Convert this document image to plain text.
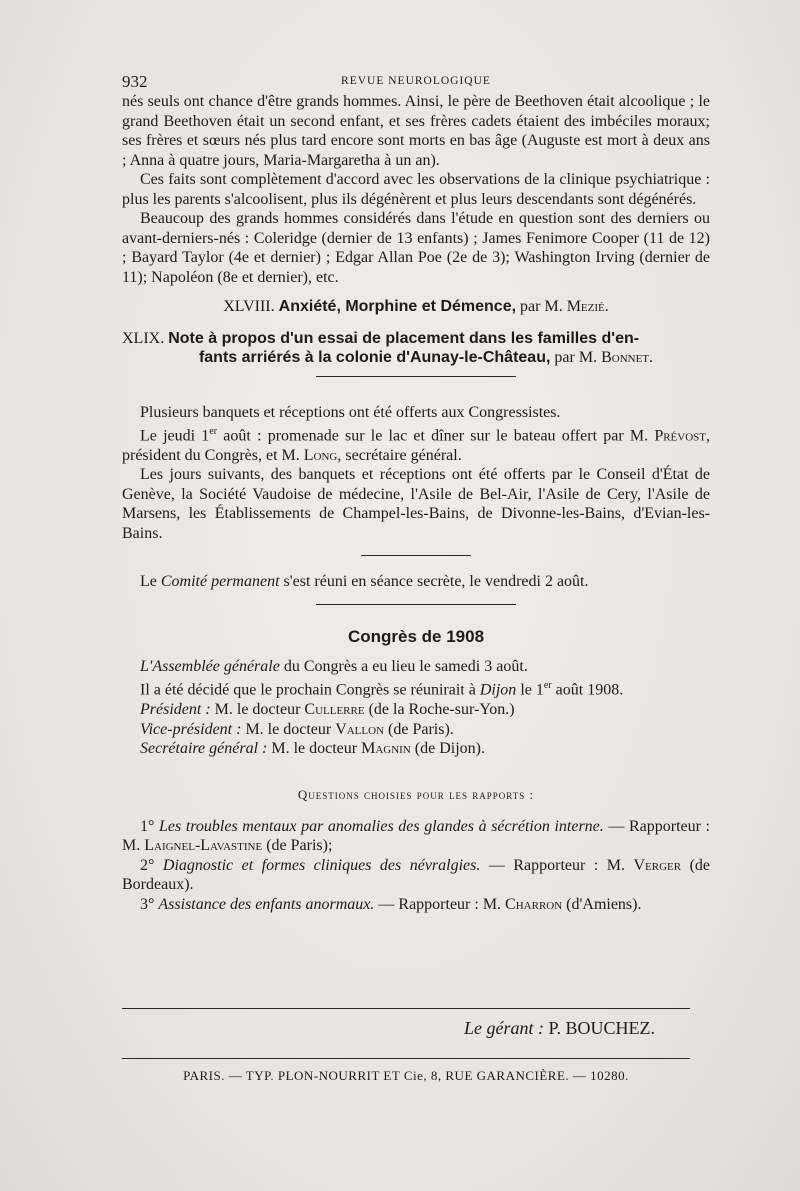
932	REVUE NEUROLOGIQUE

nés seuls ont chance d'être grands hommes. Ainsi, le père de Beethoven était alcoolique ; le grand Beethoven était un second enfant, et ses frères cadets étaient des imbéciles moraux; ses frères et sœurs nés plus tard encore sont morts en bas âge (Auguste est mort à deux ans ; Anna à quatre jours, Maria-Margaretha à un an).

Ces faits sont complètement d'accord avec les observations de la clinique psychiatrique : plus les parents s'alcoolisent, plus ils dégénèrent et plus leurs descendants sont dégénérés.

Beaucoup des grands hommes considérés dans l'étude en question sont des derniers ou avant-derniers-nés : Coleridge (dernier de 13 enfants) ; James Fenimore Cooper (11 de 12) ; Bayard Taylor (4e et dernier) ; Edgar Allan Poe (2e de 3); Washington Irving (dernier de 11); Napoléon (8e et dernier), etc.

XLVIII. Anxiété, Morphine et Démence, par M. Mezié.
XLIX. Note à propos d'un essai de placement dans les familles d'en-
fants arriérés à la colonie d'Aunay-le-Château, par M. Bonnet.

Plusieurs banquets et réceptions ont été offerts aux Congressistes.

Le jeudi 1er août : promenade sur le lac et dîner sur le bateau offert par M. Prévost, président du Congrès, et M. Long, secrétaire général.

Les jours suivants, des banquets et réceptions ont été offerts par le Conseil d'État de Genève, la Société Vaudoise de médecine, l'Asile de Bel-Air, l'Asile de Cery, l'Asile de Marsens, les Établissements de Champel-les-Bains, de Divonne-les-Bains, d'Evian-les-Bains.

Le Comité permanent s'est réuni en séance secrète, le vendredi 2 août.

Congrès de 1908

L'Assemblée générale du Congrès a eu lieu le samedi 3 août.

Il a été décidé que le prochain Congrès se réunirait à Dijon le 1er août 1908.

Président : M. le docteur Cullerre (de la Roche-sur-Yon.)

Vice-président : M. le docteur Vallon (de Paris).

Secrétaire général : M. le docteur Magnin (de Dijon).

Questions choisies pour les rapports :

1° Les troubles mentaux par anomalies des glandes à sécrétion interne. — Rapporteur : M. Laignel-Lavastine (de Paris);

2° Diagnostic et formes cliniques des névralgies. — Rapporteur : M. Verger (de Bordeaux).

3° Assistance des enfants anormaux. — Rapporteur : M. Charron (d'Amiens).

Le gérant : P. BOUCHEZ.
PARIS. — TYP. PLON-NOURRIT ET Cie, 8, RUE GARANCIÈRE. — 10280.
